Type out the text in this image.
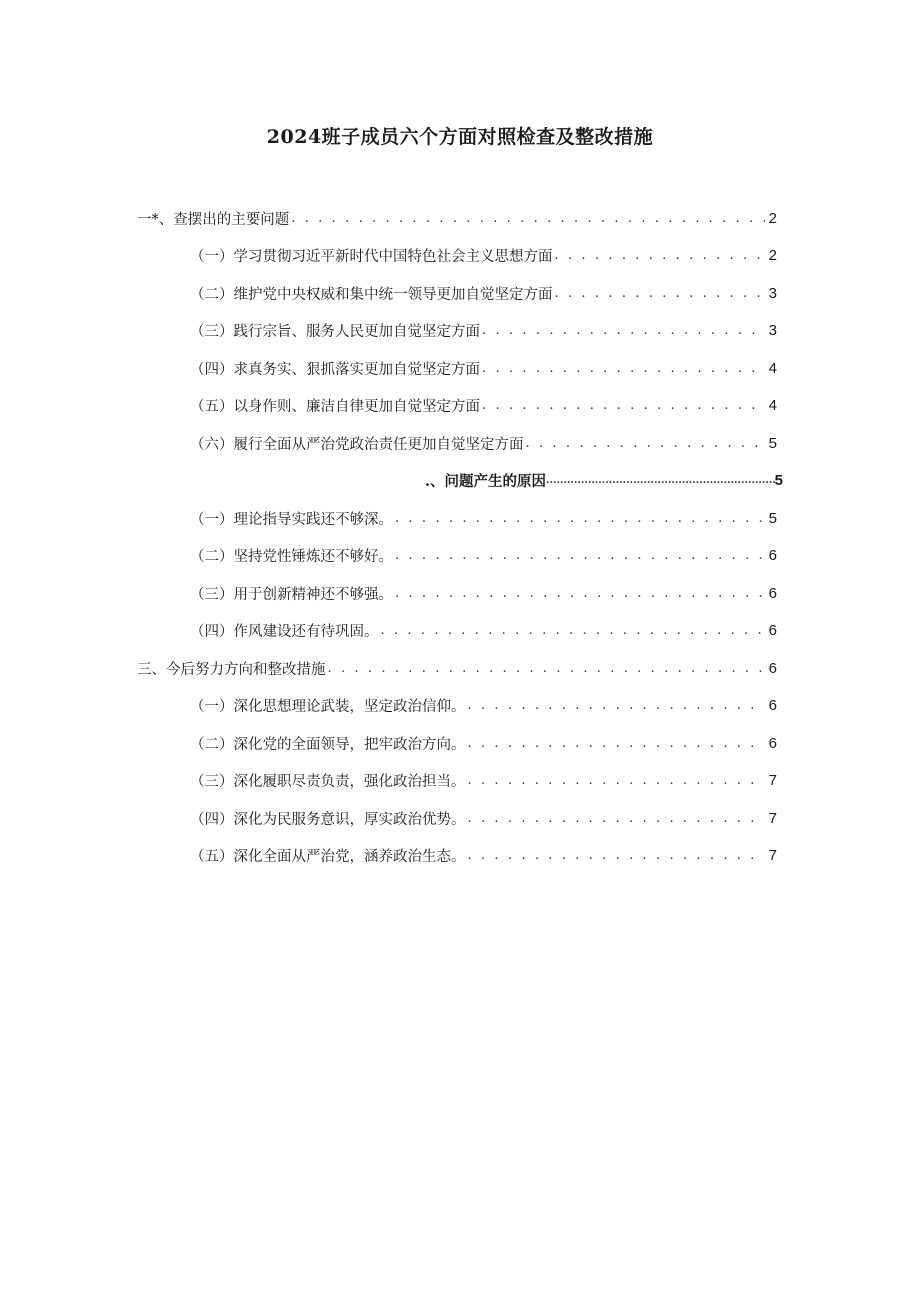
2024班子成员六个方面对照检查及整改措施
一*、查摆出的主要问题 . . .	2
（一）学习贯彻习近平新时代中国特色社会主义思想方面 . . .	2
（二）维护党中央权威和集中统一领导更加自觉坚定方面 . . .	3
（三）践行宗旨、服务人民更加自觉坚定方面 . . .	3
（四）求真务实、狠抓落实更加自觉坚定方面 . . .	4
（五）以身作则、廉洁自律更加自觉坚定方面 . . .	4
（六）履行全面从严治党政治责任更加自觉坚定方面 . . .	5
.、问题产生的原因 .....	5
（一）理论指导实践还不够深。 . . .	5
（二）坚持党性锤炼还不够好。 . . .	6
（三）用于创新精神还不够强。 . . .	6
（四）作风建设还有待巩固。 . . .	6
三、今后努力方向和整改措施 . . .	6
（一）深化思想理论武装，坚定政治信仰。 . . .	6
（二）深化党的全面领导，把牢政治方向。 . . .	6
（三）深化履职尽责负责，强化政治担当。 . . .	7
（四）深化为民服务意识，厚实政治优势。 . . .	7
（五）深化全面从严治党，涵养政治生态。 . . .	7
